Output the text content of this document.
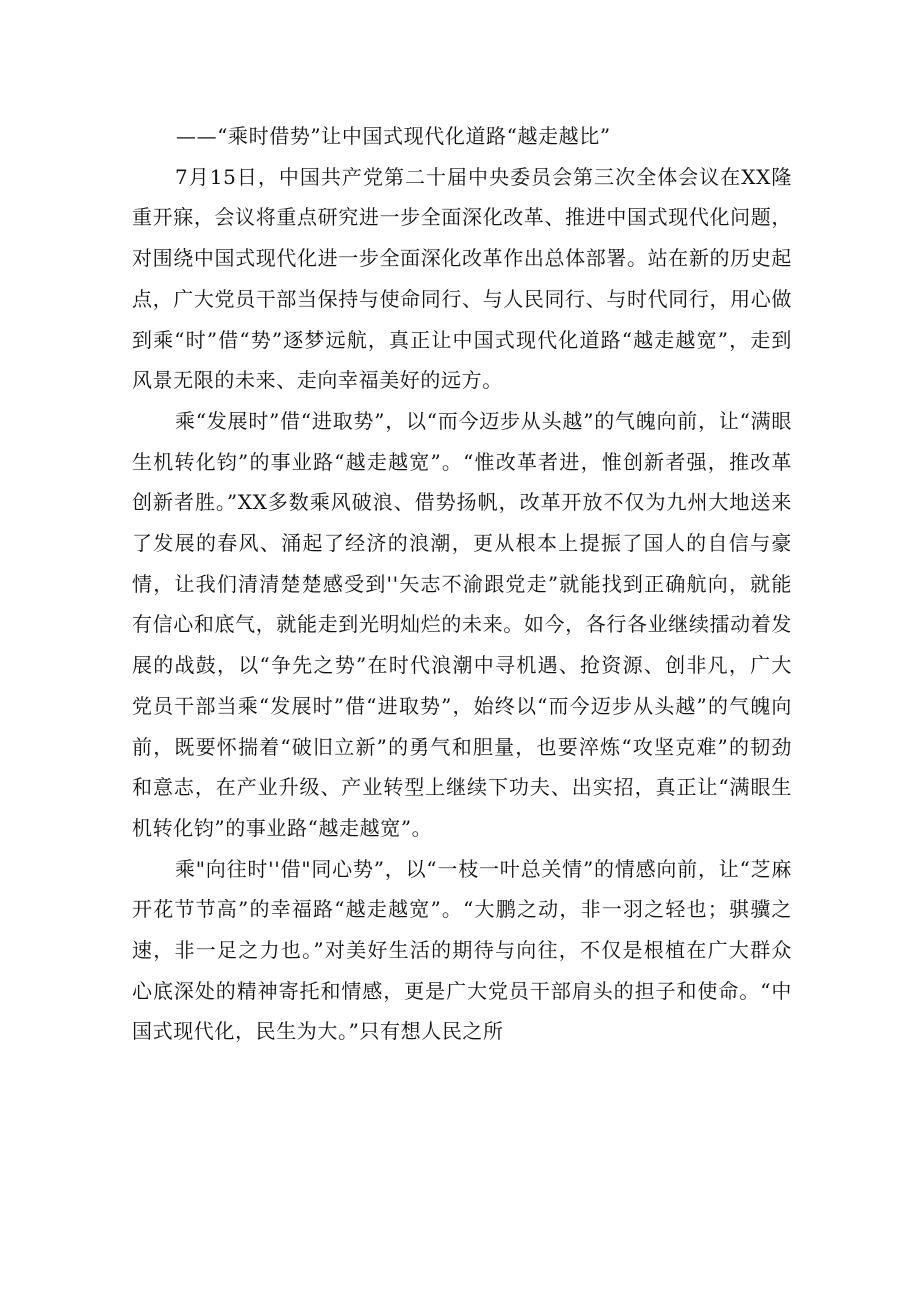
——“乘时借势”让中国式现代化道路“越走越比”

7月15日，中国共产党第二十届中央委员会第三次全体会议在XX隆重开寐，会议将重点研究进一步全面深化改革、推进中国式现代化问题，对围绕中国式现代化进一步全面深化改革作出总体部署。站在新的历史起点，广大党员干部当保持与使命同行、与人民同行、与时代同行，用心做到乘“时”借“势”逐梦远航，真正让中国式现代化道路“越走越宽”，走到风景无限的未来、走向幸福美好的远方。

乘“发展时”借“进取势”，以“而今迈步从头越”的气魄向前，让“满眼生机转化钧”的事业路“越走越宽”。“惟改革者进，惟创新者强，推改革创新者胜。”XX多数乘风破浪、借势扬帆，改革开放不仅为九州大地送来了发展的春风、涌起了经济的浪潮，更从根本上提振了国人的自信与豪情，让我们清清楚楚感受到''矢志不渝跟党走”就能找到正确航向，就能有信心和底气，就能走到光明灿烂的未来。如今，各行各业继续擂动着发展的战鼓，以“争先之势”在时代浪潮中寻机遇、抢资源、创非凡，广大党员干部当乘“发展时”借“进取势”，始终以“而今迈步从头越”的气魄向前，既要怀揣着“破旧立新”的勇气和胆量，也要淬炼“攻坚克难”的韧劲和意志，在产业升级、产业转型上继续下功夫、出实招，真正让“满眼生机转化钧”的事业路“越走越宽”。

乘"向往时''借"同心势”，以“一枝一叶总关情”的情感向前，让“芝麻开花节节高”的幸福路“越走越宽”。“大鹏之动，非一羽之轻也；骐骥之速，非一足之力也。”对美好生活的期待与向往，不仅是根植在广大群众心底深处的精神寄托和情感，更是广大党员干部肩头的担子和使命。“中国式现代化，民生为大。”只有想人民之所
